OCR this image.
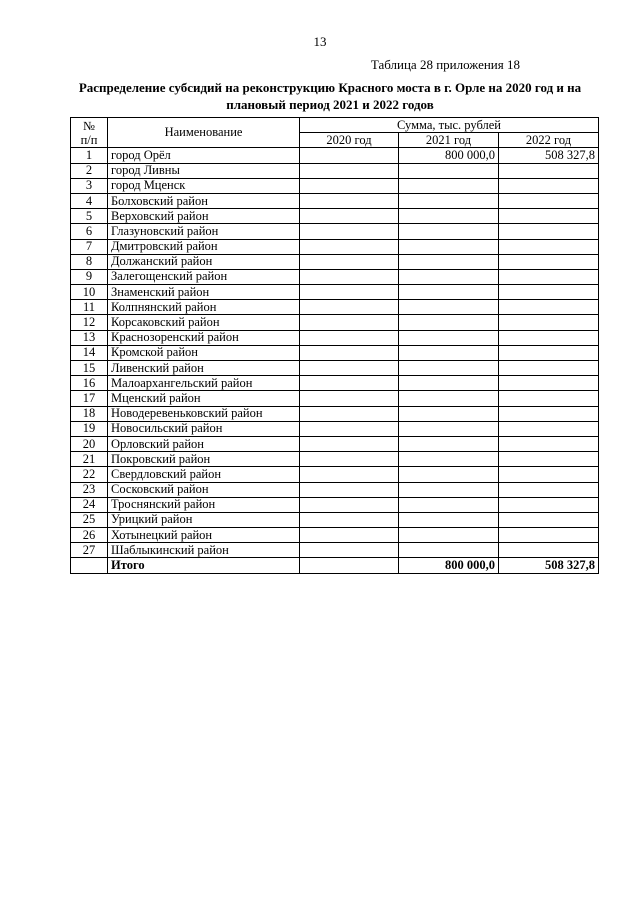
13
Таблица 28 приложения 18
Распределение субсидий на реконструкцию Красного моста в г. Орле на 2020 год и на
плановый период 2021 и 2022 годов
№
п/п	Наименование	Сумма, тыс. рублей		
		2020 год	2021 год	2022 год
1	город Орёл		800 000,0	508 327,8
2	город Ливны			
3	город Мценск			
4	Болховский район			
5	Верховский район			
6	Глазуновский район			
7	Дмитровский район			
8	Должанский район			
9	Залегощенский район			
10	Знаменский район			
11	Колпнянский район			
12	Корсаковский район			
13	Краснозоренский район			
14	Кромской район			
15	Ливенский район			
16	Малоархангельский район			
17	Мценский район			
18	Новодеревеньковский район			
19	Новосильский район			
20	Орловский район			
21	Покровский район			
22	Свердловский район			
23	Сосковский район			
24	Троснянский район			
25	Урицкий район			
26	Хотынецкий район			
27	Шаблыкинский район			
	Итого		800 000,0	508 327,8
